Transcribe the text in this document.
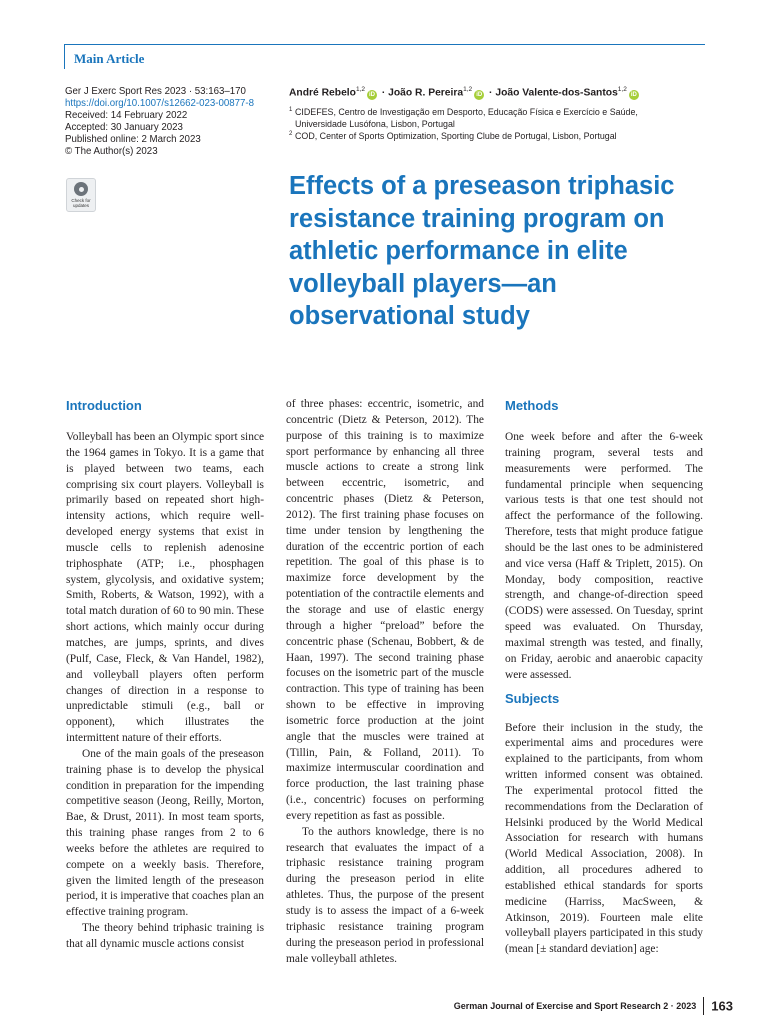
Main Article
Ger J Exerc Sport Res 2023 · 53:163–170
https://doi.org/10.1007/s12662-023-00877-8
Received: 14 February 2022
Accepted: 30 January 2023
Published online: 2 March 2023
© The Author(s) 2023
Check for updates
André Rebelo$^{1,2}$iD · João R. Pereira$^{1,2}$iD · João Valente-dos-Santos$^{1,2}$iD
1 CIDEFES, Centro de Investigação em Desporto, Educação Física e Exercício e Saúde, Universidade Lusófona, Lisbon, Portugal
2 COD, Center of Sports Optimization, Sporting Clube de Portugal, Lisbon, Portugal
Effects of a preseason triphasic resistance training program on athletic performance in elite volleyball players—an observational study
Introduction

Volleyball has been an Olympic sport since the 1964 games in Tokyo. It is a game that is played between two teams, each comprising six court players. Volleyball is primarily based on repeated short high-intensity actions, which require well-developed energy systems that exist in muscle cells to replenish adenosine triphosphate (ATP; i.e., phosphagen system, glycolysis, and oxidative system; Smith, Roberts, & Watson, 1992), with a total match duration of 60 to 90 min. These short actions, which mainly occur during matches, are jumps, sprints, and dives (Pulf, Case, Fleck, & Van Handel, 1982), and volleyball players often perform changes of direction in a response to unpredictable stimuli (e.g., ball or opponent), which illustrates the intermittent nature of their efforts.

One of the main goals of the preseason training phase is to develop the physical condition in preparation for the impending competitive season (Jeong, Reilly, Morton, Bae, & Drust, 2011). In most team sports, this training phase ranges from 2 to 6 weeks before the athletes are required to compete on a weekly basis. Therefore, given the limited length of the preseason period, it is imperative that coaches plan an effective training program.

The theory behind triphasic training is that all dynamic muscle actions consist

of three phases: eccentric, isometric, and concentric (Dietz & Peterson, 2012). The purpose of this training is to maximize sport performance by enhancing all three muscle actions to create a strong link between eccentric, isometric, and concentric phases (Dietz & Peterson, 2012). The first training phase focuses on time under tension by lengthening the duration of the eccentric portion of each repetition. The goal of this phase is to maximize force development by the potentiation of the contractile elements and the storage and use of elastic energy through a higher “preload” before the concentric phase (Schenau, Bobbert, & de Haan, 1997). The second training phase focuses on the isometric part of the muscle contraction. This type of training has been shown to be effective in improving isometric force production at the joint angle that the muscles were trained at (Tillin, Pain, & Folland, 2011). To maximize intermuscular coordination and force production, the last training phase (i.e., concentric) focuses on performing every repetition as fast as possible.

To the authors knowledge, there is no research that evaluates the impact of a triphasic resistance training program during the preseason period in elite athletes. Thus, the purpose of the present study is to assess the impact of a 6-week triphasic resistance training program during the preseason period in professional male volleyball athletes.

Methods

One week before and after the 6-week training program, several tests and measurements were performed. The fundamental principle when sequencing various tests is that one test should not affect the performance of the following. Therefore, tests that might produce fatigue should be the last ones to be administered and vice versa (Haff & Triplett, 2015). On Monday, body composition, reactive strength, and change-of-direction speed (CODS) were assessed. On Tuesday, sprint speed was evaluated. On Thursday, maximal strength was tested, and finally, on Friday, aerobic and anaerobic capacity were assessed.

Subjects

Before their inclusion in the study, the experimental aims and procedures were explained to the participants, from whom written informed consent was obtained. The experimental protocol fitted the recommendations from the Declaration of Helsinki produced by the World Medical Association for research with humans (World Medical Association, 2008). In addition, all procedures adhered to established ethical standards for sports medicine (Harriss, MacSween, & Atkinson, 2019). Fourteen male elite volleyball players participated in this study (mean [± standard deviation] age:

German Journal of Exercise and Sport Research 2 · 2023 163
